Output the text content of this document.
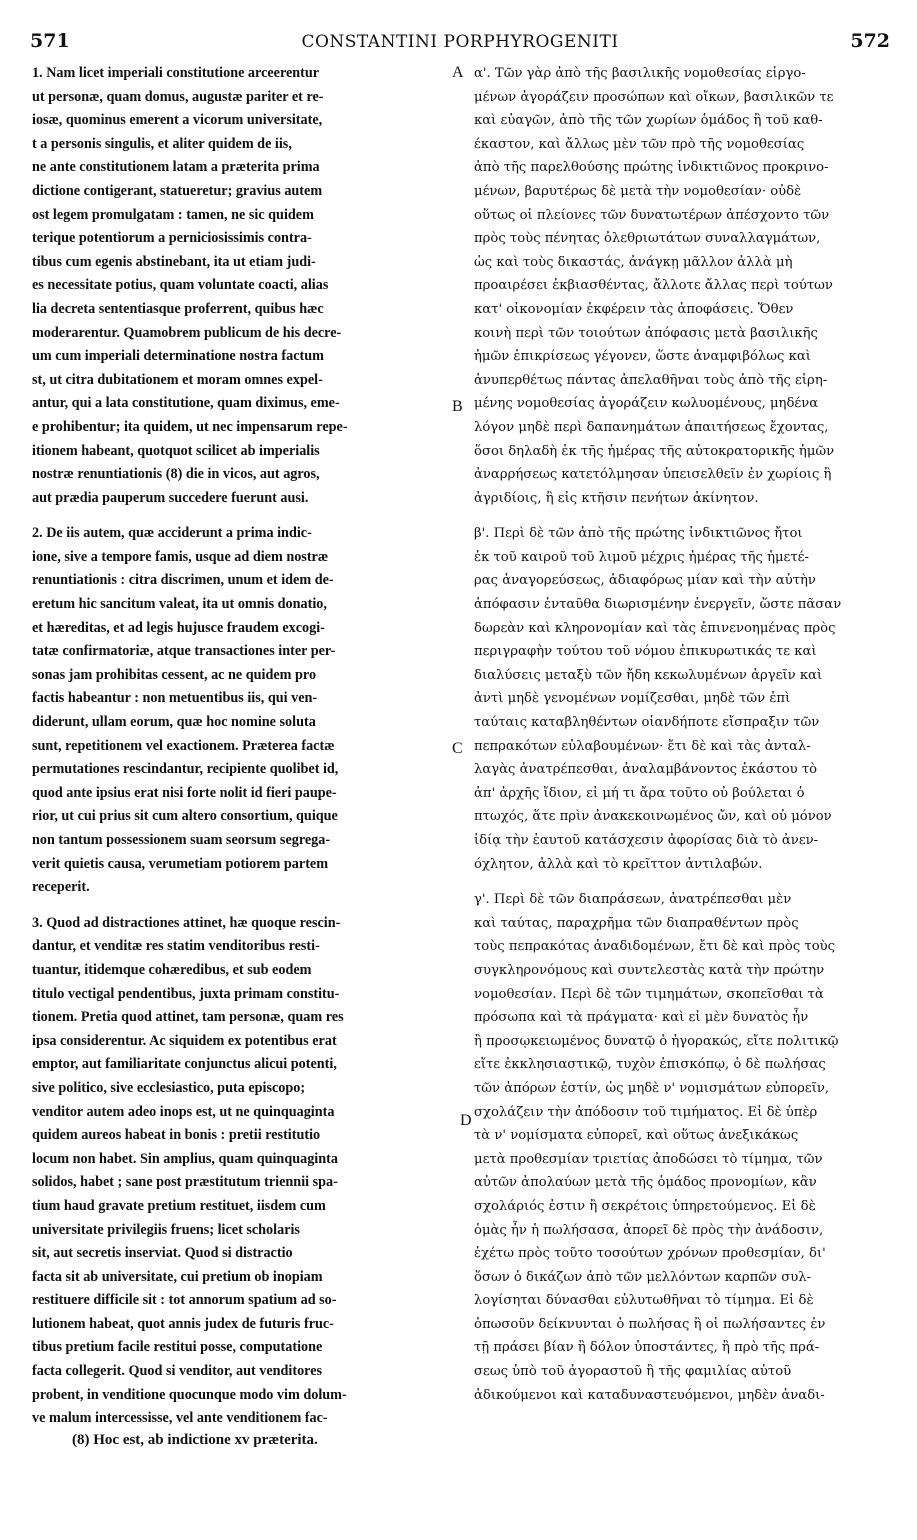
571	CONSTANTINI PORPHYROGENITI	572
1. Nam licet imperiali constitutione arceerentur
ut personæ, quam domus, augustæ pariter et re-
iosæ, quominus emerent a vicorum universitate,
t a personis singulis, et aliter quidem de iis,
ne ante constitutionem latam a præterita prima
dictione contigerant, statueretur; gravius autem
ost legem promulgatam : tamen, ne sic quidem
terique potentiorum a perniciosissimis contra-
tibus cum egenis abstinebant, ita ut etiam judi-
es necessitate potius, quam voluntate coacti, alias
lia decreta sententiasque proferrent, quibus hæc
moderarentur. Quamobrem publicum de his decre-
um cum imperiali determinatione nostra factum
st, ut citra dubitationem et moram omnes expel-
antur, qui a lata constitutione, quam diximus, eme-
e prohibentur; ita quidem, ut nec impensarum repe-
itionem habeant, quotquot scilicet ab imperialis
nostræ renuntiationis (8) die in vicos, aut agros,
aut prædia pauperum succedere fuerunt ausi.
2. De iis autem, quæ acciderunt a prima indic-
ione, sive a tempore famis, usque ad diem nostræ
renuntiationis : citra discrimen, unum et idem de-
eretum hic sancitum valeat, ita ut omnis donatio,
et hæreditas, et ad legis hujusce fraudem excogi-
tatæ confirmatoriæ, atque transactiones inter per-
sonas jam prohibitas cessent, ac ne quidem pro
factis habeantur : non metuentibus iis, qui ven-
diderunt, ullam eorum, quæ hoc nomine soluta
sunt, repetitionem vel exactionem. Præterea factæ
permutationes rescindantur, recipiente quolibet id,
quod ante ipsius erat nisi forte nolit id fieri paupe-
rior, ut cui prius sit cum altero consortium, quique
non tantum possessionem suam seorsum segrega-
verit quietis causa, verumetiam potiorem partem
receperit.
3. Quod ad distractiones attinet, hæ quoque rescin-
dantur, et venditæ res statim venditoribus resti-
tuantur, itidemque cohæredibus, et sub eodem
titulo vectigal pendentibus, juxta primam constitu-
tionem. Pretia quod attinet, tam personæ, quam res
ipsa considerentur. Ac siquidem ex potentibus erat
emptor, aut familiaritate conjunctus alicui potenti,
sive politico, sive ecclesiastico, puta episcopo;
venditor autem adeo inops est, ut ne quinquaginta
quidem aureos habeat in bonis : pretii restitutio
locum non habet. Sin amplius, quam quinquaginta
solidos, habet ; sane post præstitutum triennii spa-
tium haud gravate pretium restituet, iisdem cum
universitate privilegiis fruens; licet scholaris
sit, aut secretis inserviat. Quod si distractio
facta sit ab universitate, cui pretium ob inopiam
restituere difficile sit : tot annorum spatium ad so-
lutionem habeat, quot annis judex de futuris fruc-
tibus pretium facile restitui posse, computatione
facta collegerit. Quod si venditor, aut venditores
probent, in venditione quocunque modo vim dolum-
ve malum intercessisse, vel ante venditionem fac-
α'. Τῶν γὰρ ἀπὸ τῆς βασιλικῆς νομοθεσίας εἰργο-
μένων ἀγοράζειν προσώπων καὶ οἴκων, βασιλικῶν τε
καὶ εὐαγῶν, ἀπὸ τῆς τῶν χωρίων ὁμάδος ἢ τοῦ καθ-
έκαστον, καὶ ἄλλως μὲν τῶν πρὸ τῆς νομοθεσίας
ἀπὸ τῆς παρελθούσης πρώτης ἰνδικτιῶνος προκρινο-
μένων, βαρυτέρως δὲ μετὰ τὴν νομοθεσίαν· οὐδὲ
οὕτως οἱ πλείονες τῶν δυνατωτέρων ἀπέσχοντο τῶν
πρὸς τοὺς πένητας ὀλεθριωτάτων συναλλαγμάτων,
ὡς καὶ τοὺς δικαστάς, ἀνάγκῃ μᾶλλον ἀλλὰ μὴ
προαιρέσει ἐκβιασθέντας, ἄλλοτε ἄλλας περὶ τούτων
κατ' οἰκονομίαν ἐκφέρειν τὰς ἀποφάσεις. Ὅθεν
κοινὴ περὶ τῶν τοιούτων ἀπόφασις μετὰ βασιλικῆς
ἡμῶν ἐπικρίσεως γέγονεν, ὥστε ἀναμφιβόλως καὶ
ἀνυπερθέτως πάντας ἀπελαθῆναι τοὺς ἀπὸ τῆς εἰρη-
μένης νομοθεσίας ἀγοράζειν κωλυομένους, μηδένα
λόγον μηδὲ περὶ δαπανημάτων ἀπαιτήσεως ἔχοντας,
ὅσοι δηλαδὴ ἐκ τῆς ἡμέρας τῆς αὐτοκρατορικῆς ἡμῶν
ἀναρρήσεως κατετόλμησαν ὑπεισελθεῖν ἐν χωρίοις ἢ
ἀγριδίοις, ἢ εἰς κτῆσιν πενήτων ἀκίνητον.
β'. Περὶ δὲ τῶν ἀπὸ τῆς πρώτης ἰνδικτιῶνος ἤτοι
ἐκ τοῦ καιροῦ τοῦ λιμοῦ μέχρις ἡμέρας τῆς ἡμετέ-
ρας ἀναγορεύσεως, ἀδιαφόρως μίαν καὶ τὴν αὐτὴν
ἀπόφασιν ἐνταῦθα διωρισμένην ἐνεργεῖν, ὥστε πᾶσαν
δωρεὰν καὶ κληρονομίαν καὶ τὰς ἐπινενοημένας πρὸς
περιγραφὴν τούτου τοῦ νόμου ἐπικυρωτικάς τε καὶ
διαλύσεις μεταξὺ τῶν ἤδη κεκωλυμένων ἀργεῖν καὶ
ἀντὶ μηδὲ γενομένων νομίζεσθαι, μηδὲ τῶν ἐπὶ
ταύταις καταβληθέντων οἱανδήποτε εἴσπραξιν τῶν
πεπρακότων εὐλαβουμένων· ἔτι δὲ καὶ τὰς ἀνταλ-
λαγὰς ἀνατρέπεσθαι, ἀναλαμβάνοντος ἑκάστου τὸ
ἀπ' ἀρχῆς ἴδιον, εἰ μή τι ἄρα τοῦτο οὐ βούλεται ὁ
πτωχός, ἅτε πρὶν ἀνακεκοινωμένος ὤν, καὶ οὐ μόνον
ἰδίᾳ τὴν ἑαυτοῦ κατάσχεσιν ἀφορίσας διὰ τὸ ἀνεν-
όχλητον, ἀλλὰ καὶ τὸ κρεῖττον ἀντιλαβών.
γ'. Περὶ δὲ τῶν διαπράσεων, ἀνατρέπεσθαι μὲν
καὶ ταύτας, παραχρῆμα τῶν διαπραθέντων πρὸς
τοὺς πεπρακότας ἀναδιδομένων, ἔτι δὲ καὶ πρὸς τοὺς
συγκληρονόμους καὶ συντελεστὰς κατὰ τὴν πρώτην
νομοθεσίαν. Περὶ δὲ τῶν τιμημάτων, σκοπεῖσθαι τὰ
πρόσωπα καὶ τὰ πράγματα· καὶ εἰ μὲν δυνατὸς ἦν
ἢ προσῳκειωμένος δυνατῷ ὁ ἠγορακώς, εἴτε πολιτικῷ
εἴτε ἐκκλησιαστικῷ, τυχὸν ἐπισκόπῳ, ὁ δὲ πωλήσας
τῶν ἀπόρων ἐστίν, ὡς μηδὲ ν' νομισμάτων εὐπορεῖν,
σχολάζειν τὴν ἀπόδοσιν τοῦ τιμήματος. Εἰ δὲ ὑπὲρ
τὰ ν' νομίσματα εὐπορεῖ, καὶ οὕτως ἀνεξικάκως
μετὰ προθεσμίαν τριετίας ἀποδώσει τὸ τίμημα, τῶν
αὐτῶν ἀπολαύων μετὰ τῆς ὁμάδος προνομίων, κἂν
σχολάριός ἐστιν ἢ σεκρέτοις ὑπηρετούμενος. Εἰ δὲ
ὁμὰς ἦν ἡ πωλήσασα, ἀπορεῖ δὲ πρὸς τὴν ἀνάδοσιν,
ἐχέτω πρὸς τοῦτο τοσούτων χρόνων προθεσμίαν, δι'
ὅσων ὁ δικάζων ἀπὸ τῶν μελλόντων καρπῶν συλ-
λογίσηται δύνασθαι εὐλυτωθῆναι τὸ τίμημα. Εἰ δὲ
ὁπωσοῦν δείκνυνται ὁ πωλήσας ἢ οἱ πωλήσαντες ἐν
τῇ πράσει βίαν ἢ δόλον ὑποστάντες, ἢ πρὸ τῆς πρά-
σεως ὑπὸ τοῦ ἀγοραστοῦ ἢ τῆς φαμιλίας αὐτοῦ
ἀδικούμενοι καὶ καταδυναστευόμενοι, μηδὲν ἀναδι-
A
B
C
D
(8) Hoc est, ab indictione xv præterita.
